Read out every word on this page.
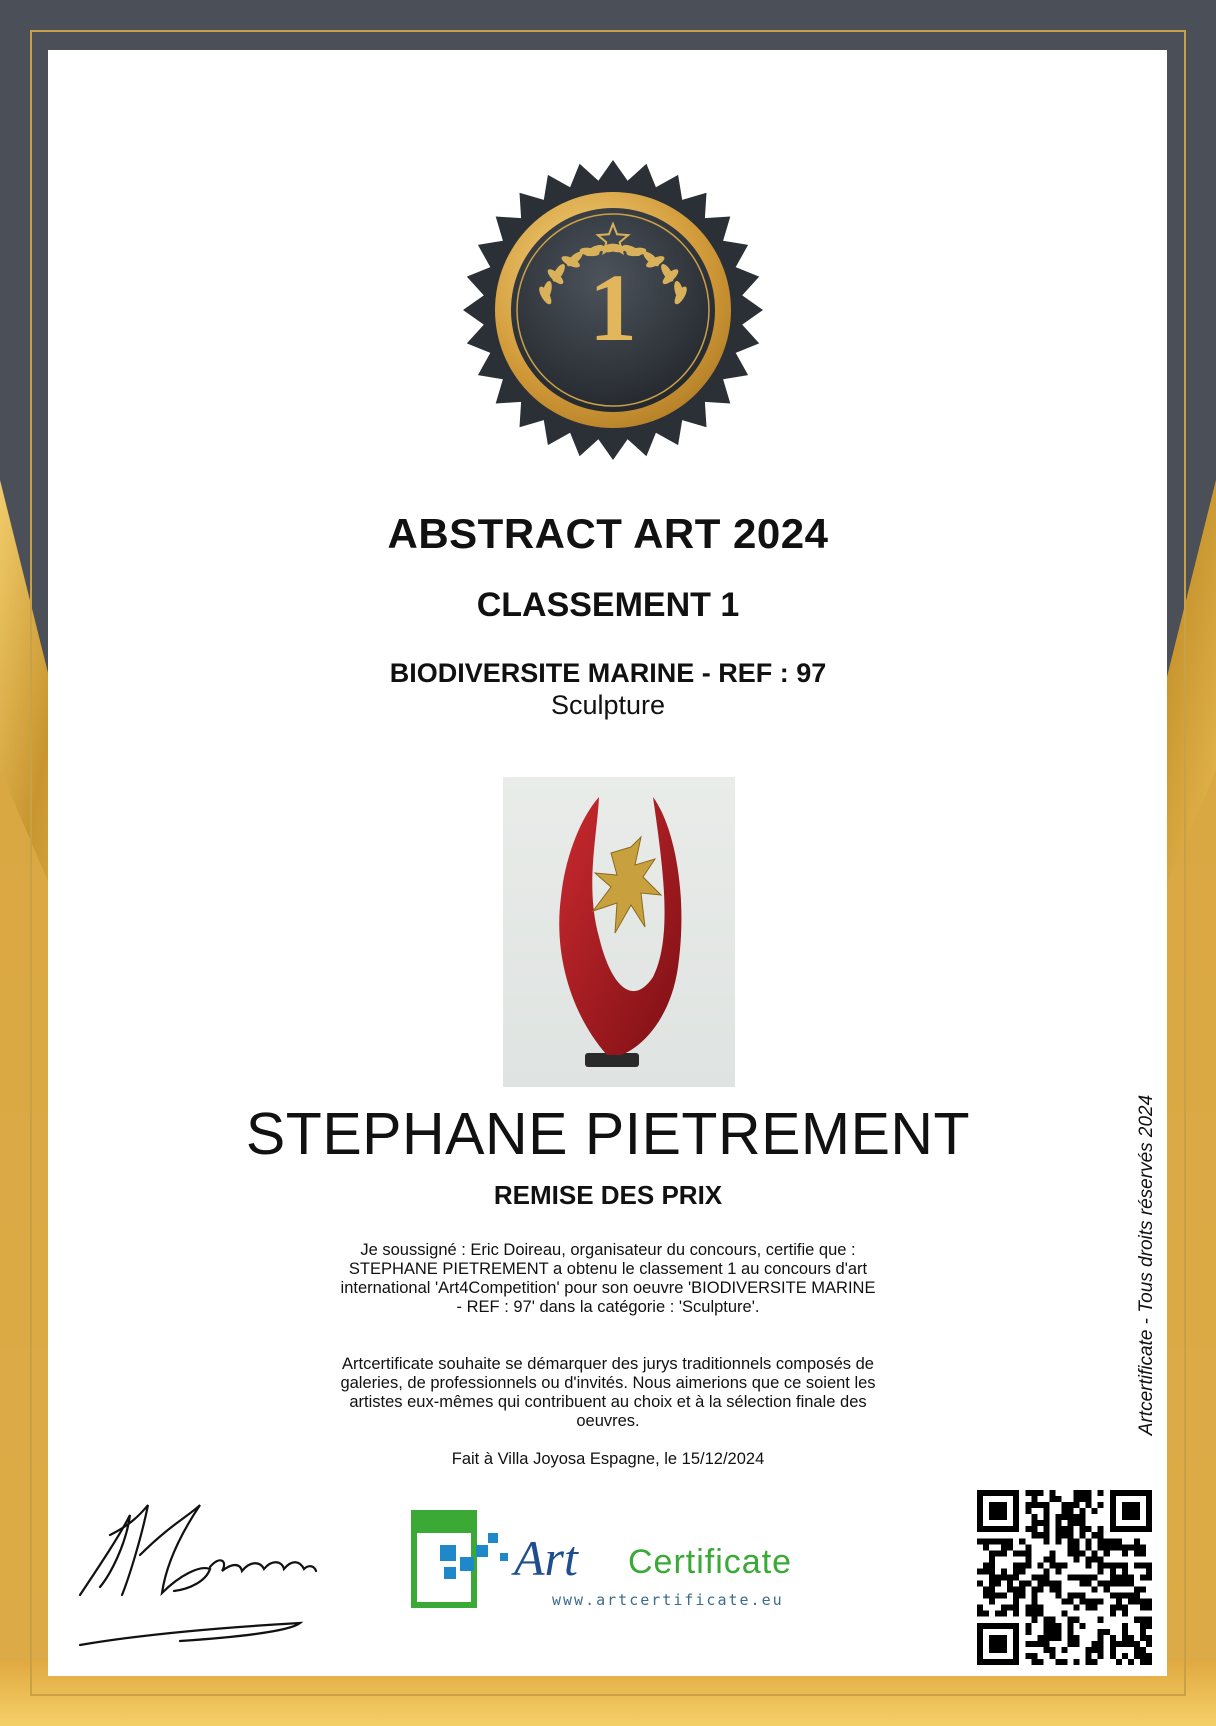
1
ABSTRACT ART 2024
CLASSEMENT 1
BIODIVERSITE MARINE - REF : 97
Sculpture
STEPHANE PIETREMENT
REMISE DES PRIX
Je soussigné : Eric Doireau, organisateur du concours, certifie que : STEPHANE PIETREMENT a obtenu le classement 1 au concours d'art international 'Art4Competition' pour son oeuvre 'BIODIVERSITE MARINE - REF : 97' dans la catégorie : 'Sculpture'.
Artcertificate souhaite se démarquer des jurys traditionnels composés de galeries, de professionnels ou d'invités. Nous aimerions que ce soient les artistes eux-mêmes qui contribuent au choix et à la sélection finale des oeuvres.
Fait à Villa Joyosa Espagne, le 15/12/2024
Artcertificate - Tous droits réservés 2024
Art Certificate
www.artcertificate.eu
